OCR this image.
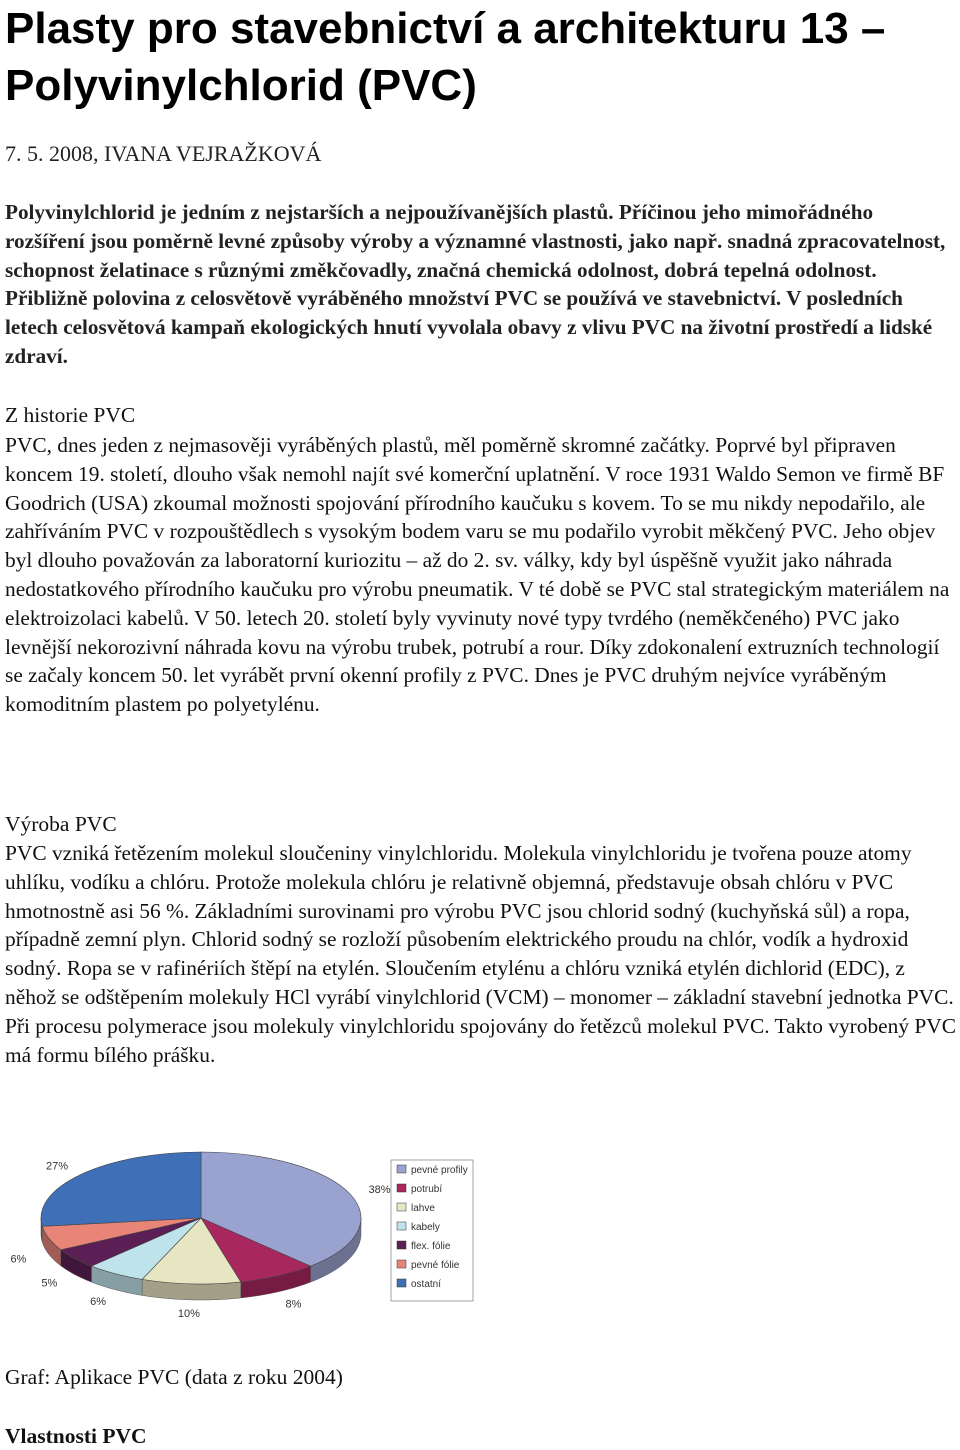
Plasty pro stavebnictví a architekturu 13 – Polyvinylchlorid (PVC)

7. 5. 2008, IVANA VEJRAŽKOVÁ

Polyvinylchlorid je jedním z nejstarších a nejpoužívanějších plastů. Příčinou jeho mimořádného rozšíření jsou poměrně levné způsoby výroby a významné vlastnosti, jako např. snadná zpracovatelnost, schopnost želatinace s různými změkčovadly, značná chemická odolnost, dobrá tepelná odolnost. Přibližně polovina z celosvětově vyráběného množství PVC se používá ve stavebnictví. V posledních letech celosvětová kampaň ekologických hnutí vyvolala obavy z vlivu PVC na životní prostředí a lidské zdraví.

Z historie PVC

PVC, dnes jeden z nejmasověji vyráběných plastů, měl poměrně skromné začátky. Poprvé byl připraven koncem 19. století, dlouho však nemohl najít své komerční uplatnění. V roce 1931 Waldo Semon ve firmě BF Goodrich (USA) zkoumal možnosti spojování přírodního kaučuku s kovem. To se mu nikdy nepodařilo, ale zahříváním PVC v rozpouštědlech s vysokým bodem varu se mu podařilo vyrobit měkčený PVC. Jeho objev byl dlouho považován za laboratorní kuriozitu – až do 2. sv. války, kdy byl úspěšně využit jako náhrada nedostatkového přírodního kaučuku pro výrobu pneumatik. V té době se PVC stal strategickým materiálem na elektroizolaci kabelů. V 50. letech 20. století byly vyvinuty nové typy tvrdého (neměkčeného) PVC jako levnější nekorozivní náhrada kovu na výrobu trubek, potrubí a rour. Díky zdokonalení extruzních technologií se začaly koncem 50. let vyrábět první okenní profily z PVC. Dnes je PVC druhým nejvíce vyráběným komoditním plastem po polyetylénu.

Výroba PVC

PVC vzniká řetězením molekul sloučeniny vinylchloridu. Molekula vinylchloridu je tvořena pouze atomy uhlíku, vodíku a chlóru. Protože molekula chlóru je relativně objemná, představuje obsah chlóru v PVC hmotnostně asi 56 %. Základními surovinami pro výrobu PVC jsou chlorid sodný (kuchyňská sůl) a ropa, případně zemní plyn. Chlorid sodný se rozloží působením elektrického proudu na chlór, vodík a hydroxid sodný. Ropa se v rafinériích štěpí na etylén. Sloučením etylénu a chlóru vzniká etylén dichlorid (EDC), z něhož se odštěpením molekuly HCl vyrábí vinylchlorid (VCM) – monomer – základní stavební jednotka PVC. Při procesu polymerace jsou molekuly vinylchloridu spojovány do řetězců molekul PVC. Takto vyrobený PVC má formu bílého prášku.

38%
8%
10%
6%
5%
6%
27%	pevné profily
potrubí
lahve
kabely
flex. fólie
pevné fólie
ostatní

Graf: Aplikace PVC (data z roku 2004)

Vlastnosti PVC
